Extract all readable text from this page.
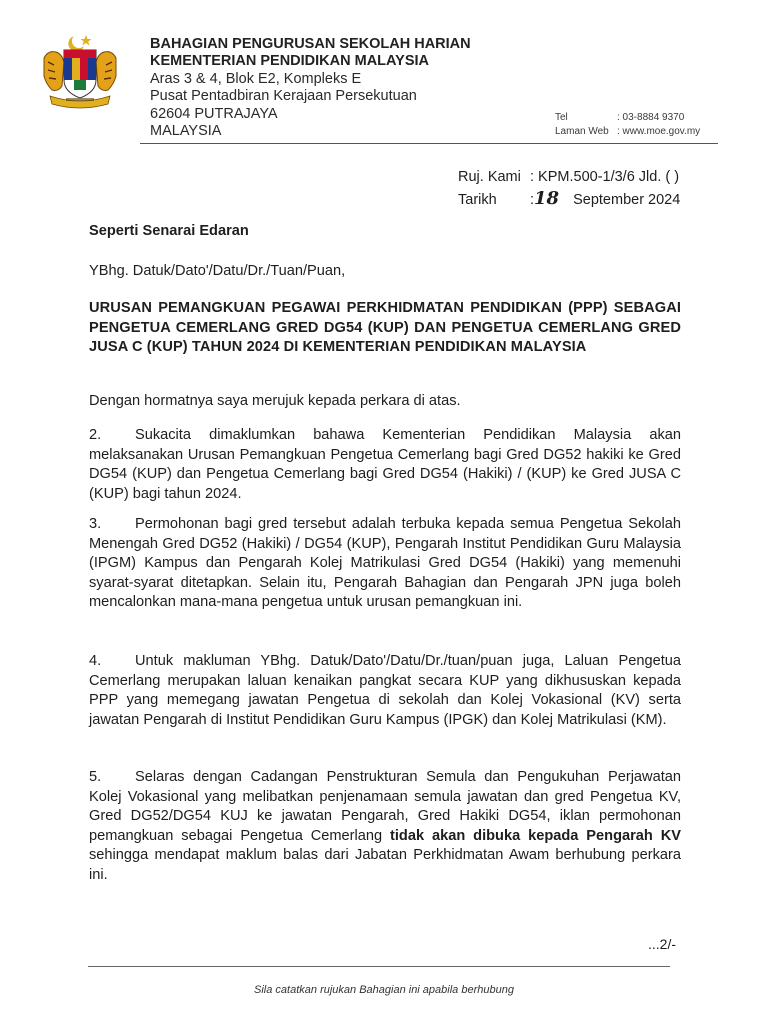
BAHAGIAN PENGURUSAN SEKOLAH HARIAN
KEMENTERIAN PENDIDIKAN MALAYSIA
Aras 3 & 4, Blok E2, Kompleks E
Pusat Pentadbiran Kerajaan Persekutuan
62604 PUTRAJAYA
MALAYSIA
Tel	: 03-8884 9370
Laman Web : www.moe.gov.my
Ruj. Kami : KPM.500-1/3/6 Jld. ( )
Tarikh :18 September 2024

Seperti Senarai Edaran

YBhg. Datuk/Dato'/Datu/Dr./Tuan/Puan,

URUSAN PEMANGKUAN PEGAWAI PERKHIDMATAN PENDIDIKAN (PPP) SEBAGAI PENGETUA CEMERLANG GRED DG54 (KUP) DAN PENGETUA CEMERLANG GRED JUSA C (KUP) TAHUN 2024 DI KEMENTERIAN PENDIDIKAN MALAYSIA

Dengan hormatnya saya merujuk kepada perkara di atas.

2. Sukacita dimaklumkan bahawa Kementerian Pendidikan Malaysia akan melaksanakan Urusan Pemangkuan Pengetua Cemerlang bagi Gred DG52 hakiki ke Gred DG54 (KUP) dan Pengetua Cemerlang bagi Gred DG54 (Hakiki) / (KUP) ke Gred JUSA C (KUP) bagi tahun 2024.

3. Permohonan bagi gred tersebut adalah terbuka kepada semua Pengetua Sekolah Menengah Gred DG52 (Hakiki) / DG54 (KUP), Pengarah Institut Pendidikan Guru Malaysia (IPGM) Kampus dan Pengarah Kolej Matrikulasi Gred DG54 (Hakiki) yang memenuhi syarat-syarat ditetapkan. Selain itu, Pengarah Bahagian dan Pengarah JPN juga boleh mencalonkan mana-mana pengetua untuk urusan pemangkuan ini.

4. Untuk makluman YBhg. Datuk/Dato'/Datu/Dr./tuan/puan juga, Laluan Pengetua Cemerlang merupakan laluan kenaikan pangkat secara KUP yang dikhususkan kepada PPP yang memegang jawatan Pengetua di sekolah dan Kolej Vokasional (KV) serta jawatan Pengarah di Institut Pendidikan Guru Kampus (IPGK) dan Kolej Matrikulasi (KM).

5. Selaras dengan Cadangan Penstrukturan Semula dan Pengukuhan Perjawatan Kolej Vokasional yang melibatkan penjenamaan semula jawatan dan gred Pengetua KV, Gred DG52/DG54 KUJ ke jawatan Pengarah, Gred Hakiki DG54, iklan permohonan pemangkuan sebagai Pengetua Cemerlang tidak akan dibuka kepada Pengarah KV sehingga mendapat maklum balas dari Jabatan Perkhidmatan Awam berhubung perkara ini.

...2/-
Sila catatkan rujukan Bahagian ini apabila berhubung
